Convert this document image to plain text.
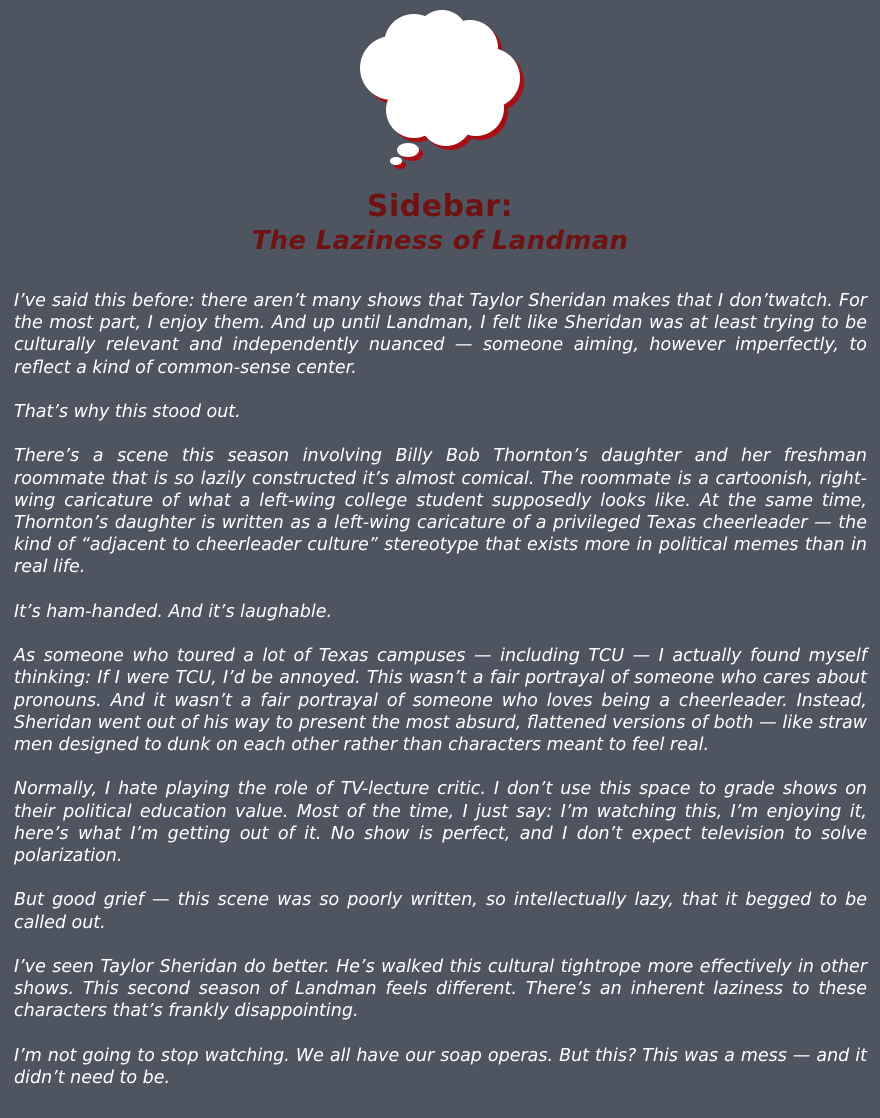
Sidebar:
The Laziness of Landman

I’ve said this before: there aren’t many shows that Taylor Sheridan makes that I don’twatch. For the most part, I enjoy them. And up until Landman, I felt like Sheridan was at least trying to be culturally relevant and independently nuanced — someone aiming, however imperfectly, to reflect a kind of common-sense center.

That’s why this stood out.

There’s a scene this season involving Billy Bob Thornton’s daughter and her freshman roommate that is so lazily constructed it’s almost comical. The roommate is a cartoonish, right-wing caricature of what a left-wing college student supposedly looks like. At the same time, Thornton’s daughter is written as a left-wing caricature of a privileged Texas cheerleader — the kind of “adjacent to cheerleader culture” stereotype that exists more in political memes than in real life.

It’s ham-handed. And it’s laughable.

As someone who toured a lot of Texas campuses — including TCU — I actually found myself thinking: If I were TCU, I’d be annoyed. This wasn’t a fair portrayal of someone who cares about pronouns. And it wasn’t a fair portrayal of someone who loves being a cheerleader. Instead, Sheridan went out of his way to present the most absurd, flattened versions of both — like straw men designed to dunk on each other rather than characters meant to feel real.

Normally, I hate playing the role of TV-lecture critic. I don’t use this space to grade shows on their political education value. Most of the time, I just say: I’m watching this, I’m enjoying it, here’s what I’m getting out of it. No show is perfect, and I don’t expect television to solve polarization.

But good grief — this scene was so poorly written, so intellectually lazy, that it begged to be called out.

I’ve seen Taylor Sheridan do better. He’s walked this cultural tightrope more effectively in other shows. This second season of Landman feels different. There’s an inherent laziness to these characters that’s frankly disappointing.

I’m not going to stop watching. We all have our soap operas. But this? This was a mess — and it didn’t need to be.
